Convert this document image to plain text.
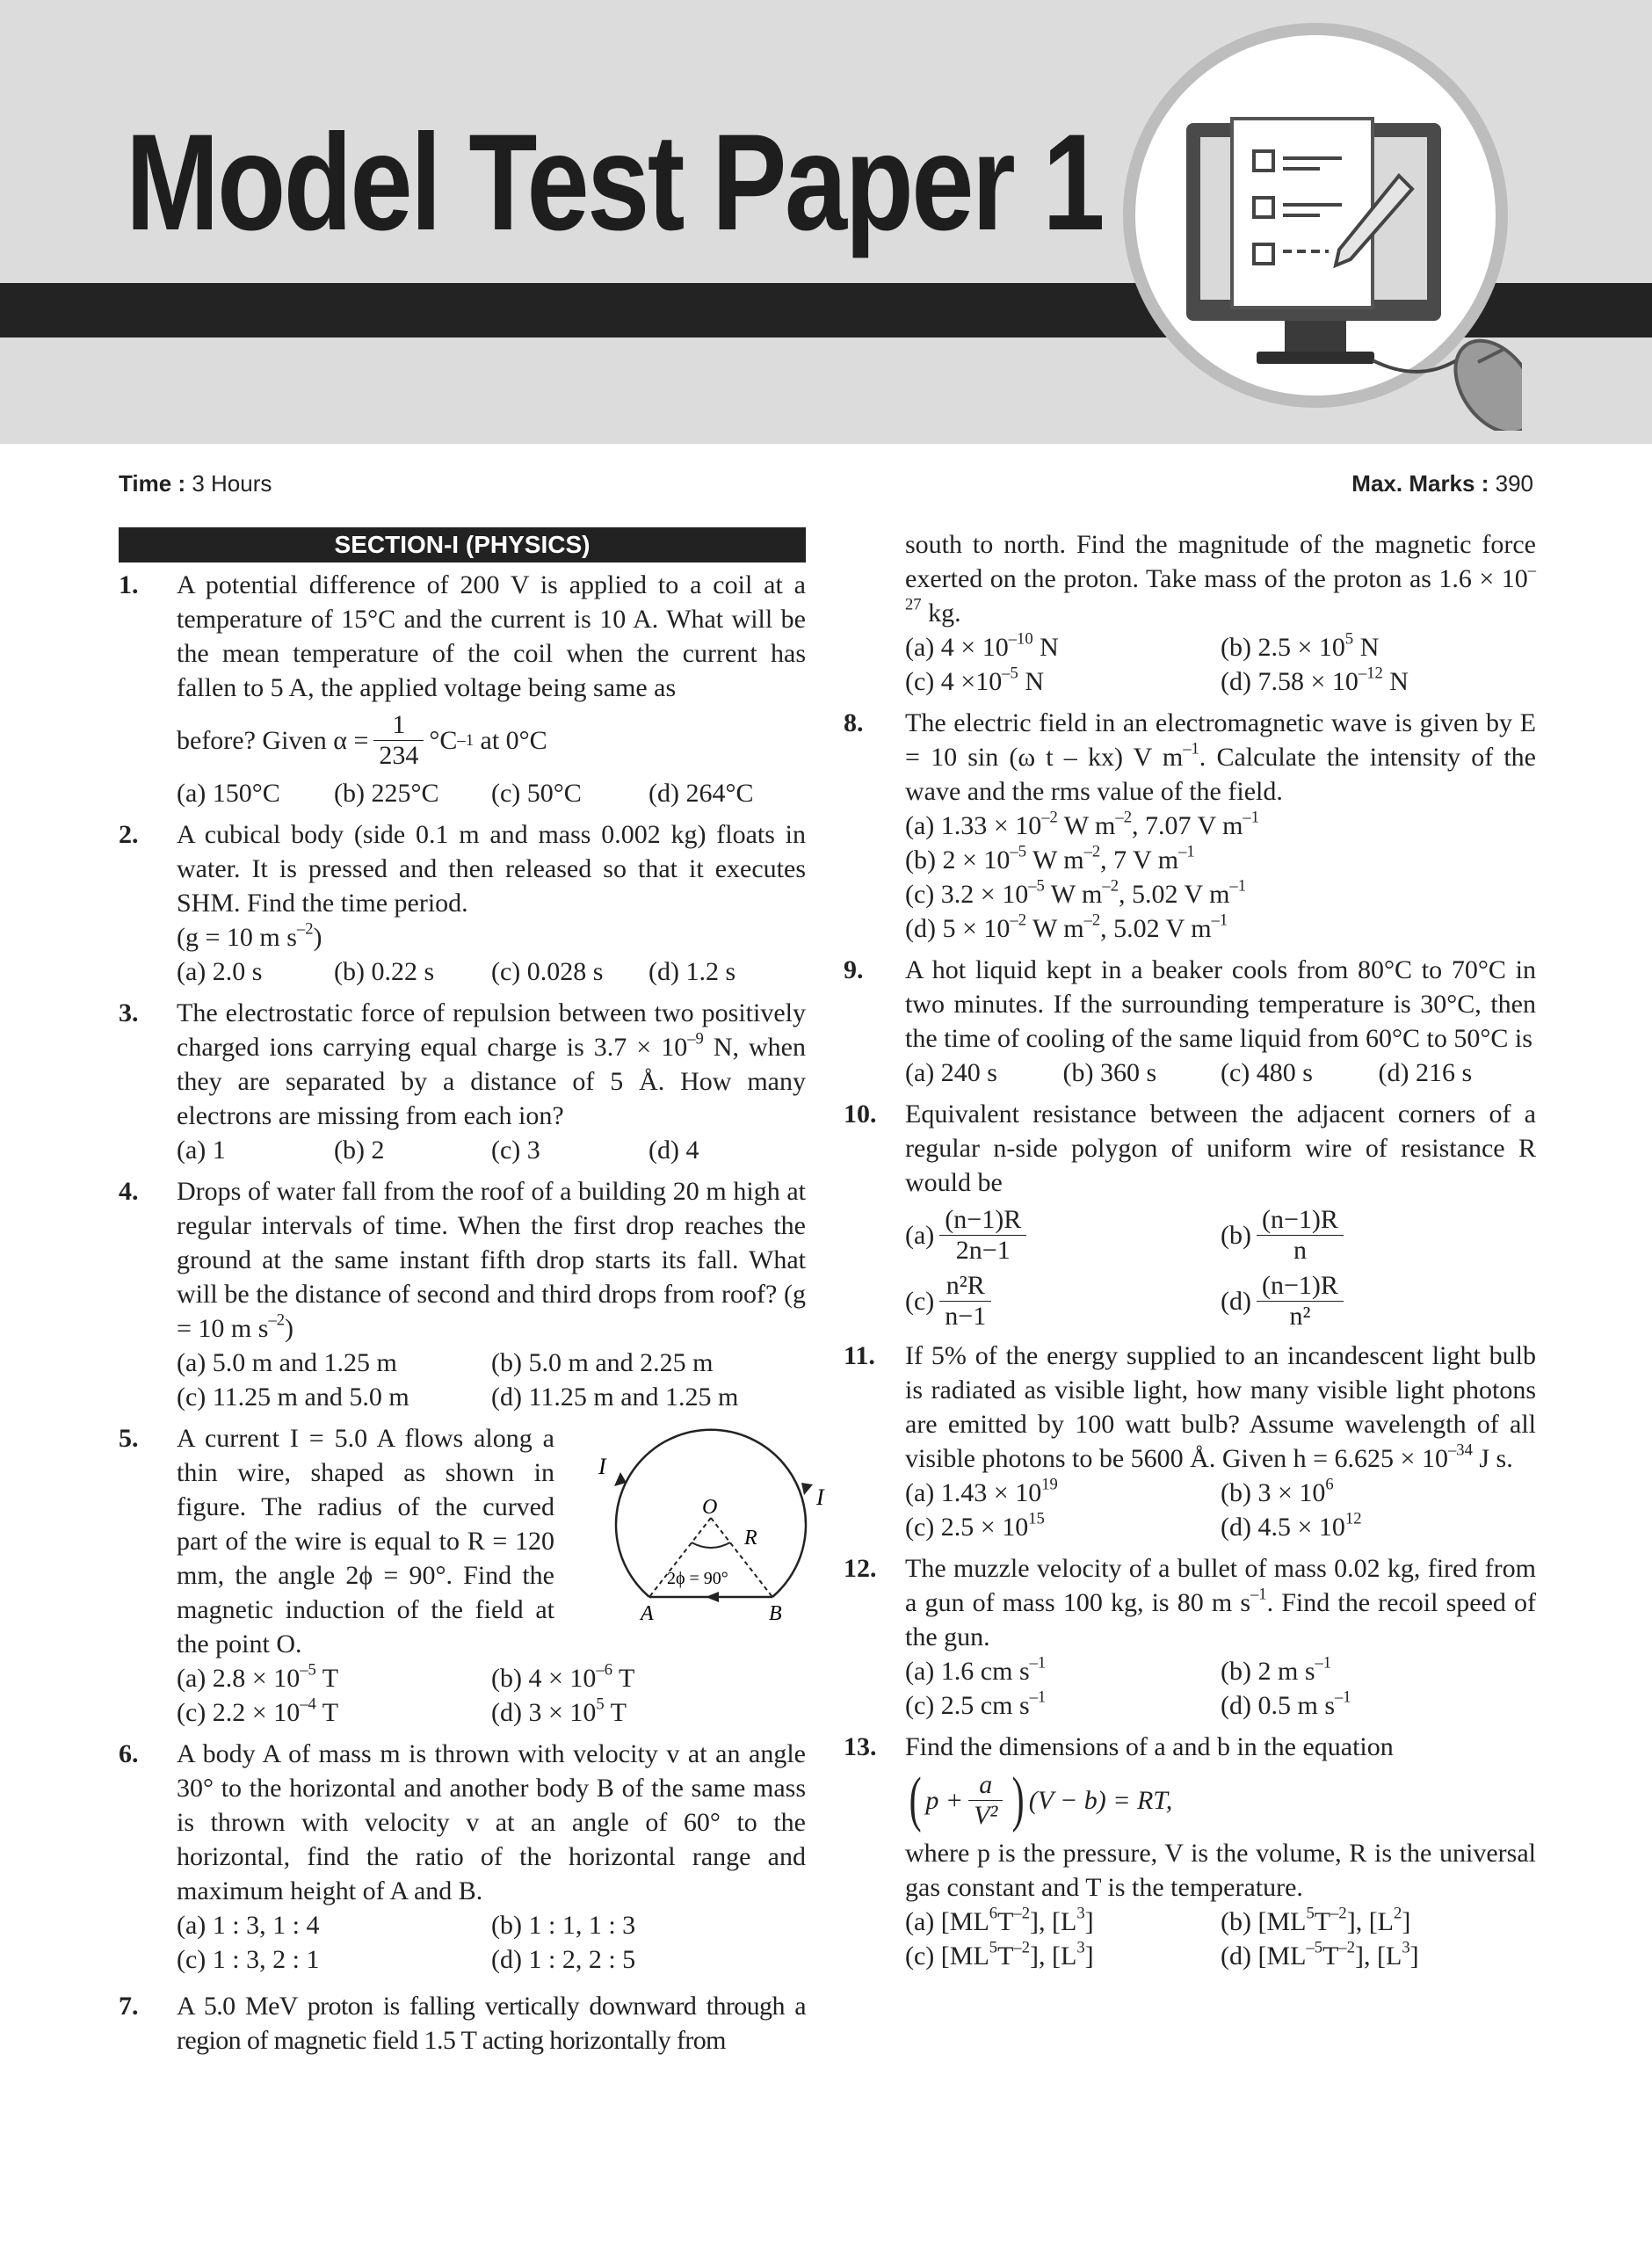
Model Test Paper 1
Time : 3 Hours	Max. Marks : 390
SECTION-I (PHYSICS)
1. A potential difference of 200 V is applied to a coil at a temperature of 15°C and the current is 10 A. What will be the mean temperature of the coil when the current has fallen to 5 A, the applied voltage being same as
before? Given $\alpha = \frac{1}{234} ^\circ C$ –1
at 0°C
(a) 150°C	(b) 225°C	(c) 50°C	(d) 264°C
2. A cubical body (side 0.1 m and mass 0.002 kg) floats in water. It is pressed and then released so that it executes SHM. Find the time period.
(g = 10 m $s^{-2}$)
(a) 2.0 s	(b) 0.22 s	(c) 0.028 s	(d) 1.2 s
3. The electrostatic force of repulsion between two positively charged ions carrying equal charge is $3.7 \times 10^{-9}$ N, when they are separated by a distance of 5 Å. How many electrons are missing from each ion?
(a) 1	(b) 2	(c) 3	(d) 4
4. Drops of water fall from the roof of a building 20 m high at regular intervals of time. When the first drop reaches the ground at the same instant fifth drop starts its fall. What will be the distance of second and third drops from roof? (g = 10 m $s^{-2}$)
(a) 5.0 m and 1.25 m	(b) 5.0 m and 2.25 m
(c) 11.25 m and 5.0 m	(d) 11.25 m and 1.25 m
5. A current I = 5.0 A flows along a thin wire, shaped as shown in figure. The radius of the curved part of the wire is equal to R = 120 mm, the angle 2ϕ = 90°. Find the magnetic induction of the field at the point O.
I
I
O
R
2ϕ = 90°
A	B
(a) $2.8 \times 10^{-5}$ T	(b) $4 \times 10^{-6}$ T
(c) $2.2 \times 10^{-4}$ T	(d) $3 \times 10^5$ T
6. A body A of mass m is thrown with velocity v at an angle 30° to the horizontal and another body B of the same mass is thrown with velocity v at an angle of 60° to the horizontal, find the ratio of the horizontal range and maximum height of A and B.
(a) 1 : 3, 1 : 4	(b) 1 : 1, 1 : 3
(c) 1 : 3, 2 : 1	(d) 1 : 2, 2 : 5
7. A 5.0 MeV proton is falling vertically downward through a region of magnetic field 1.5 T acting horizontally from
south to north. Find the magnitude of the magnetic force exerted on the proton. Take mass of the proton as $1.6 \times 10^{-27}$ kg.
(a) $4 \times 10^{-10}$ N	(b) $2.5 \times 10^5$ N
(c) $4 \times 10^{-5}$ N	(d) $7.58 \times 10^{-12}$ N
8. The electric field in an electromagnetic wave is given by E = 10 sin (ω t – kx) V $m^{-1}$. Calculate the intensity of the wave and the rms value of the field.
(a) $1.33 \times 10^{-2}$ W $m^{-2}$, 7.07 V $m^{-1}$
(b) $2 \times 10^{-5}$ W $m^{-2}$, 7 V $m^{-1}$
(c) $3.2 \times 10^{-5}$ W $m^{-2}$, 5.02 V $m^{-1}$
(d) $5 \times 10^{-2}$ W $m^{-2}$, 5.02 V $m^{-1}$
9. A hot liquid kept in a beaker cools from 80°C to 70°C in two minutes. If the surrounding temperature is 30°C, then the time of cooling of the same liquid from 60°C to 50°C is
(a) 240 s	(b) 360 s	(c) 480 s	(d) 216 s
10. Equivalent resistance between the adjacent corners of a regular n-side polygon of uniform wire of resistance R would be
$(a) \frac{(n-1)R}{2n-1}$	$(b) \frac{(n-1)R}{n}$
$(c) \frac{\text{n²R}}{n-1}$	$(d) \frac{(n-1)R}{\text{n²}}$
11. If 5% of the energy supplied to an incandescent light bulb is radiated as visible light, how many visible light photons are emitted by 100 watt bulb? Assume wavelength of all visible photons to be 5600 Å. Given $h = 6.625 \times 10^{-34}$ J s.
(a) $1.43 \times 10^{19}$	(b) $3 \times 10^6$
(c) $2.5 \times 10^{15}$	(d) $4.5 \times 10^{12}$
12. The muzzle velocity of a bullet of mass 0.02 kg, fired from a gun of mass 100 kg, is 80 m $s^{-1}$. Find the recoil speed of the gun.
(a) 1.6 cm $s^{-1}$	(b) 2 m $s^{-1}$
(c) 2.5 cm $s^{-1}$	(d) 0.5 m $s^{-1}$
13. Find the dimensions of a and b in the equation
( $p + \frac{a}{\text{V²}}$ ) (V − b) = RT,
where p is the pressure, V is the volume, R is the universal gas constant and T is the temperature.
(a) $[ML^6T^{-2}]$, $[L^3]$	(b) $[ML^5T^{-2}]$, $[L^2]$
(c) $[ML^5T^{-2}]$, $[L^3]$	(d) $[ML^{-5}T^{-2}]$, $[L^3]$
